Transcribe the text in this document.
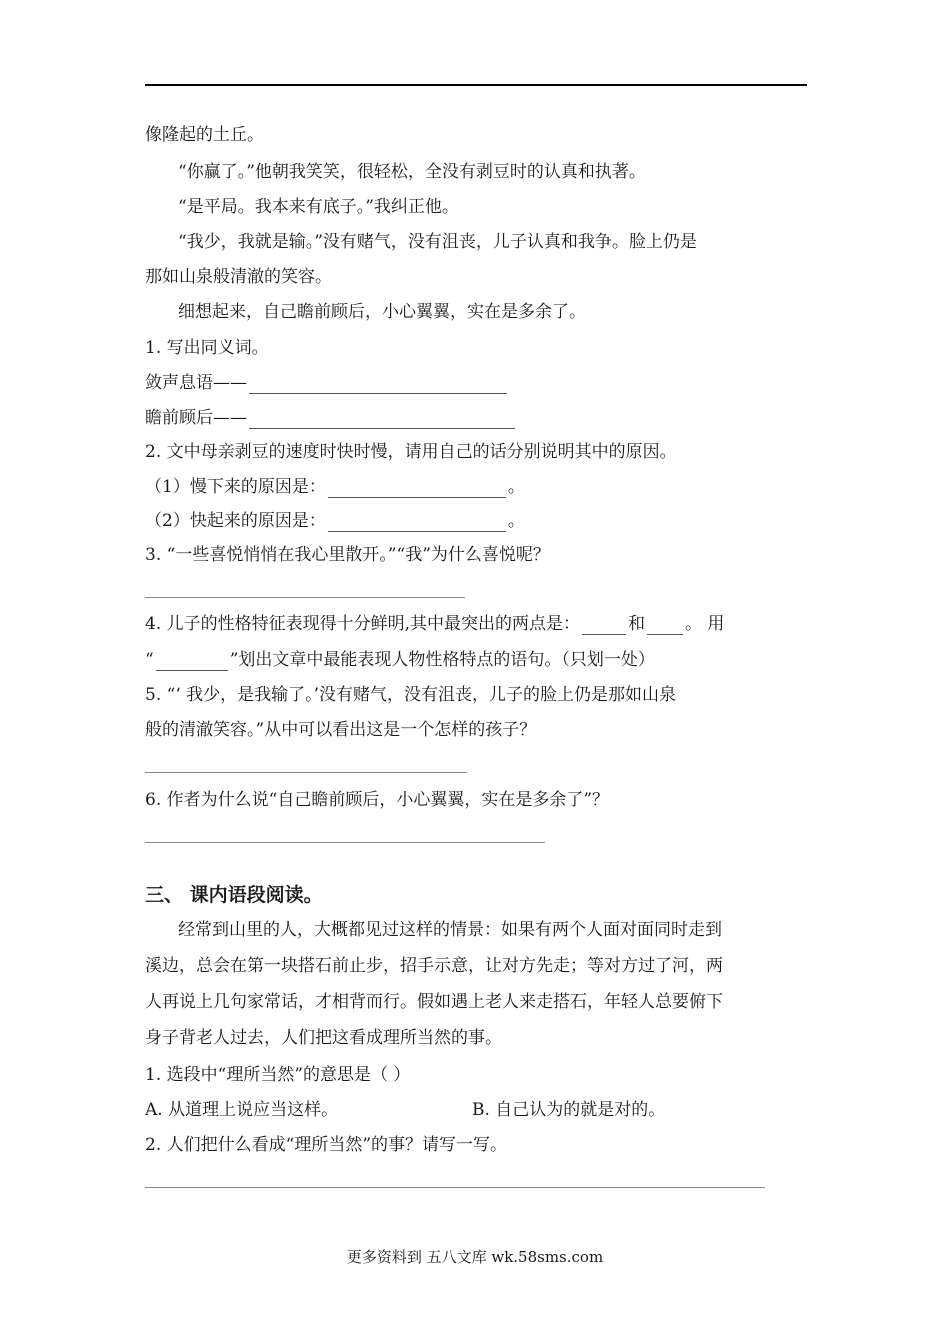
像隆起的土丘。
“你赢了。”他朝我笑笑，很轻松，全没有剥豆时的认真和执著。
“是平局。我本来有底子。”我纠正他。
“我少，我就是输。”没有赌气，没有沮丧，儿子认真和我争。脸上仍是
那如山泉般清澈的笑容。
细想起来，自己瞻前顾后，小心翼翼，实在是多余了。
1. 写出同义词。
敛声息语——
瞻前顾后——
2. 文中母亲剥豆的速度时快时慢，请用自己的话分别说明其中的原因。
（1）慢下来的原因是：	。
（2）快起来的原因是：	。
3. “一些喜悦悄悄在我心里散开。”“我”为什么喜悦呢？
4. 儿子的性格特征表现得十分鲜明,其中最突出的两点是：	和 。 用
“	”划出文章中最能表现人物性格特点的语句。（只划一处）
5. “‘ 我少，是我输了。’没有赌气，没有沮丧，儿子的脸上仍是那如山泉
般的清澈笑容。”从中可以看出这是一个怎样的孩子？
6. 作者为什么说“自己瞻前顾后，小心翼翼，实在是多余了”？
三、 课内语段阅读。
经常到山里的人，大概都见过这样的情景：如果有两个人面对面同时走到
溪边，总会在第一块搭石前止步，招手示意，让对方先走；等对方过了河，两
人再说上几句家常话，才相背而行。假如遇上老人来走搭石，年轻人总要俯下
身子背老人过去，人们把这看成理所当然的事。
1. 选段中“理所当然”的意思是（ ）
A. 从道理上说应当这样。	B. 自己认为的就是对的。
2. 人们把什么看成“理所当然”的事？请写一写。
更多资料到 五八文库 wk.58sms.com
